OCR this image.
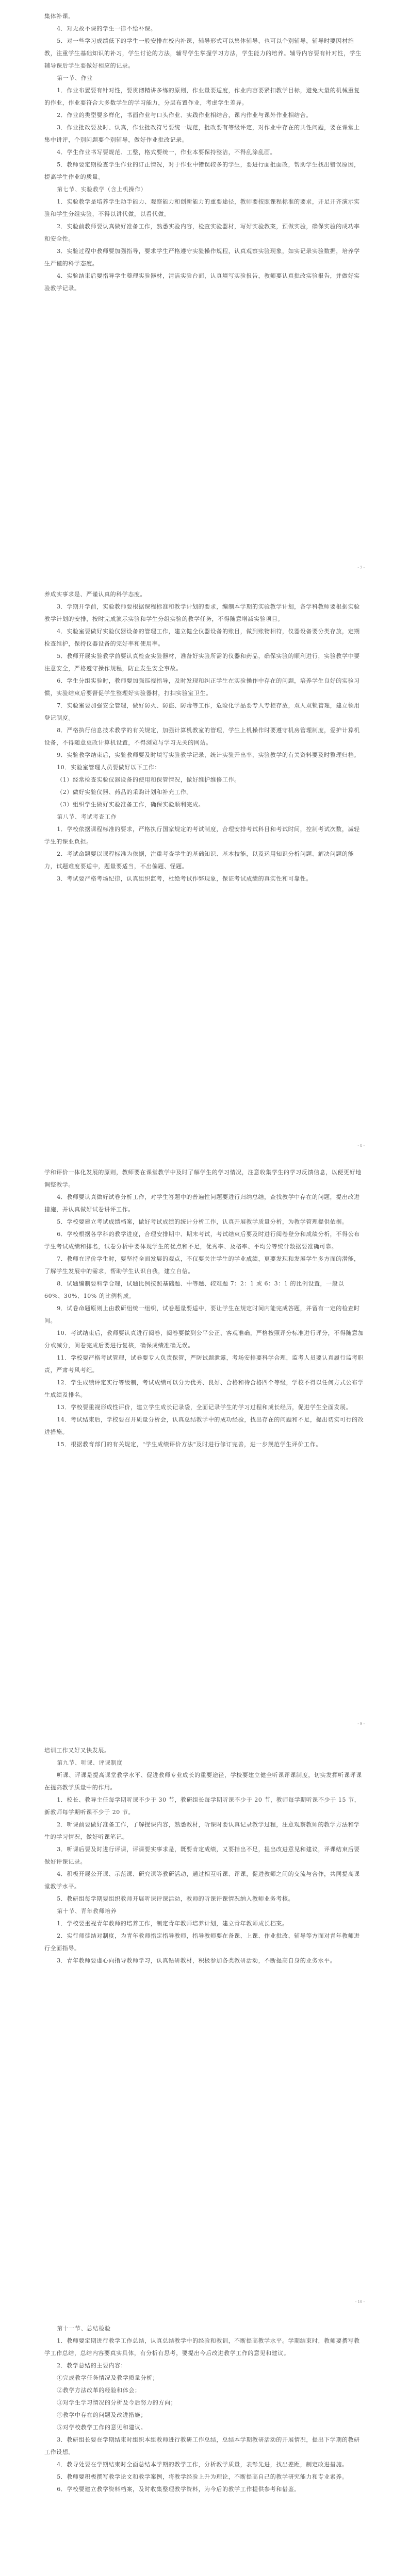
集体补课。

4．对无故不课的学生一律不给补课。

5．对一些学习成绩低下的学生一般安排在校内补课，辅导形式可以集体辅导，也可以个别辅导，辅导时要因材施教，注重学生基础知识的补习，学生讨论的方法，辅导学生掌握学习方法，学生能力的培养。辅导内容要有针对性，学生辅导课后学生要做好相应的记录。

第一节、作业

1．作业布置要有针对性，要贯彻精讲多练的原则，作业量要适度，作业内容要紧扣教学目标，避免大量的机械重复的作业，作业要符合大多数学生的学习能力，分层布置作业，考虑学生差异。

2．作业的类型要多样化，书面作业与口头作业、实践作业相结合，课内作业与课外作业相结合。

3．作业批改要及时、认真，作业批改符号要统一规范，批改要有等级评定，对作业中存在的共性问题，要在课堂上集中讲评，个别问题要个别辅导，做好作业批改记录。

4．学生作业书写要规范、工整，格式要统一，作业本要保持整洁，不得乱涂乱画。

5．教师要定期检查学生作业的订正情况，对于作业中错误较多的学生，要进行面批面改，帮助学生找出错误原因，提高学生作业的质量。

第七节、实验教学（含上机操作）

1．实验教学是培养学生动手能力、观察能力和创新能力的重要途径，教师要按照课程标准的要求，开足开齐演示实验和学生分组实验，不得以讲代做，以看代做。

2．实验前教师要认真做好准备工作，熟悉实验内容，检查实验器材，写好实验教案，预做实验，确保实验的成功率和安全性。

3．实验过程中教师要加强指导，要求学生严格遵守实验操作规程，认真观察实验现象，如实记录实验数据，培养学生严谨的科学态度。

4．实验结束后要指导学生整理实验器材，清洁实验台面，认真填写实验报告，教师要认真批改实验报告，并做好实验教学记录。

- 7 -

养成实事求是、严谨认真的科学态度。

3．学期开学前，实验教师要根据课程标准和教学计划的要求，编制本学期的实验教学计划，各学科教师要根据实验教学计划的安排，按时完成演示实验和学生分组实验的教学任务，不得随意增减实验项目。

4．实验室要做好实验仪器设备的管理工作，建立健全仪器设备的账目，做到账物相符，仪器设备要分类存放，定期检查维护，保持仪器设备的完好率和使用率。

5．教师开展实验教学前要认真检查实验器材，准备好实验所需的仪器和药品，确保实验的顺利进行，实验教学中要注意安全，严格遵守操作规程，防止发生安全事故。

6．学生分组实验时，教师要加强巡视指导，及时发现和纠正学生在实验操作中存在的问题，培养学生良好的实验习惯，实验结束后要督促学生整理好实验器材，打扫实验室卫生。

7．实验室要加强安全管理，做好防火、防盗、防毒等工作，危险化学品要专人专柜存放，双人双锁管理，建立领用登记制度。

8．严格执行信息技术教学的有关规定，加强计算机教室的管理，学生上机操作时要遵守机房管理制度，爱护计算机设备，不得随意更改计算机设置，不得浏览与学习无关的网站。

9．实验教学结束后，实验教师要及时填写实验教学记录，统计实验开出率，实验教学的有关资料要及时整理归档。

10．实验室管理人员要做好以下工作：

（1）经常检查实验仪器设备的使用和保管情况，做好维护维修工作。

（2）做好实验仪器、药品的采购计划和补充工作。

（3）组织学生做好实验准备工作，确保实验顺利完成。

第八节、考试考查工作

1．学校依据课程标准的要求，严格执行国家规定的考试制度，合理安排考试科目和考试时间，控制考试次数，减轻学生的课业负担。

2．考试命题要以课程标准为依据，注重考查学生的基础知识、基本技能，以及运用知识分析问题、解决问题的能力，试题难度要适中，题量要适当，不出偏题、怪题。

3．考试要严格考场纪律，认真组织监考，杜绝考试作弊现象，保证考试成绩的真实性和可靠性。

- 8 -

学和评价一体化发展的原则，教师要在课堂教学中及时了解学生的学习情况，注意收集学生的学习反馈信息，以便更好地调整教学。

4．教师要认真做好试卷分析工作，对学生答题中的普遍性问题要进行归纳总结，查找教学中存在的问题，提出改进措施，并认真做好试卷讲评工作。

5．学校要建立考试成绩档案，做好考试成绩的统计分析工作，认真开展教学质量分析，为教学管理提供依据。

6．学校根据各学科的教学进度，合理安排期中、期末考试，考试结束后要及时进行阅卷登分和成绩分析，不得公布学生考试成绩和排名，试卷分析中要体现学生的优点和不足，优秀率、及格率、平均分等统计数据要准确可靠。

7．教师在评价学生时，要坚持全面发展的观点，不仅要关注学生的学业成绩，更要发现和发展学生多方面的潜能，了解学生发展中的需求，帮助学生认识自我，建立自信。

8．试题编制要科学合理，试题比例按照基础题、中等题、较难题 7：2：1 或 6：3：1 的比例设置，一般以 60%、30%、10% 的比例构成。

9．试卷命题原则上由教研组统一组织，试卷题量要适中，要让学生在规定时间内能完成答题，并留有一定的检查时间。

10．考试结束后，教师要认真进行阅卷，阅卷要做到公平公正、客观准确，严格按照评分标准进行评分，不得随意加分或减分，阅卷完成后要进行复核，确保成绩准确无误。

11．学校要严格考试管理，试卷要专人负责保管，严防试题泄露，考场安排要科学合理，监考人员要认真履行监考职责，严肃考风考纪。

12．学生成绩评定实行等级制，考试成绩可以分为优秀、良好、合格和待合格四个等级，学校不得以任何方式公布学生成绩及排名。

13．学校要重视形成性评价，建立学生成长记录袋，全面记录学生的学习过程和成长经历，促进学生全面发展。

14．考试结束后，学校要召开质量分析会，认真总结教学中的成功经验，找出存在的问题和不足，提出切实可行的改进措施。

15．根据教育部门的有关规定，"学生成绩评价方法"及时进行修订完善，进一步规范学生评价工作。

- 9 -

培训工作又好又快发展。

第九节、听课、评课制度

听课、评课是提高课堂教学水平、促进教师专业成长的重要途径，学校要建立健全听课评课制度，切实发挥听课评课在提高教学质量中的作用。

1．校长、教导主任每学期听课不少于 30 节，教研组长每学期听课不少于 20 节，教师每学期听课不少于 15 节，新教师每学期听课不少于 20 节。

2．听课前要做好准备工作，了解授课内容，熟悉教材，听课时要认真记录教学过程，注意观察教师的教学方法和学生的学习情况，做好听课笔记。

3．听课后要及时进行评课，评课要实事求是，既要肯定成绩，又要指出不足，提出改进意见和建议，评课结束后要做好评课记录。

4．积极开展公开课、示范课、研究课等教研活动，通过相互听课、评课，促进教师之间的交流与合作，共同提高课堂教学水平。

5．教研组每学期要组织教师开展听课评课活动，教师的听课评课情况纳入教师业务考核。

第十节、青年教师培养

1．学校要重视青年教师的培养工作，制定青年教师培养计划，建立青年教师成长档案。

2．实行师徒结对制度，为青年教师指定指导教师，指导教师要在备课、上课、作业批改、辅导等方面对青年教师进行全面指导。

3．青年教师要虚心向指导教师学习，认真钻研教材，积极参加各类教研活动，不断提高自身的业务水平。

- 10 -

第十一节、总结检验

1．教师要定期进行教学工作总结，认真总结教学中的经验和教训，不断提高教学水平。学期结束时，教师要撰写教学工作总结，总结内容要真实具体，有分析有思考，要提出今后改进教学工作的意见和建议。

2．教学总结的主要内容：

①完成教学任务情况及教学质量分析；

②教学方法改革的经验和体会；

③对学生学习情况的分析及今后努力的方向；

④教学中存在的问题及改进措施；

⑤对学校教学工作的意见和建议。

3．教研组长要在学期结束时组织本组教师进行教研工作总结，总结本学期教研活动的开展情况，提出下学期的教研工作设想。

4．教导处要在学期结束时全面总结本学期的教学工作，分析教学质量，表彰先进，找出差距，制定改进措施。

5．教师要积极撰写教学论文和教学案例，将教学经验上升为理论，不断提高自己的教学研究能力和专业素养。

6．学校要建立教学资料档案，及时收集整理教学资料，为今后的教学工作提供参考和借鉴。
